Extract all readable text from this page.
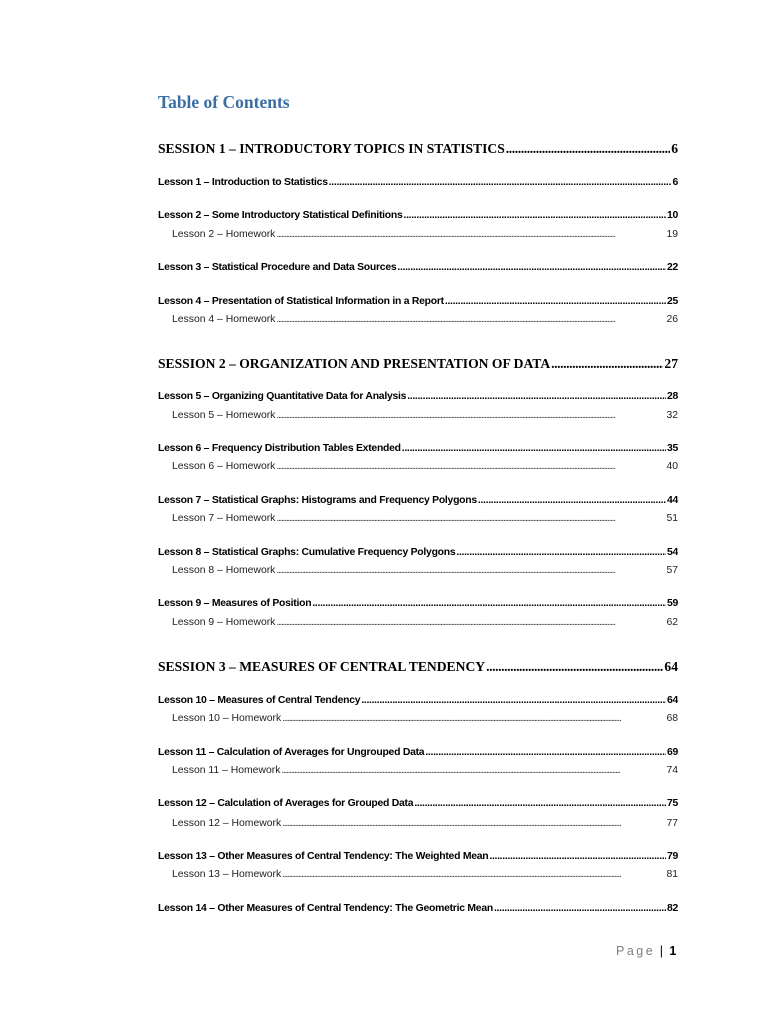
Table of Contents
SESSION 1 – INTRODUCTORY TOPICS IN STATISTICS . . .	6
Lesson 1 – Introduction to Statistics . . .	6
Lesson 2 – Some Introductory Statistical Definitions . . .	10
Lesson 2 – Homework . . .	19
Lesson 3 – Statistical Procedure and Data Sources . . .	22
Lesson 4 – Presentation of Statistical Information in a Report . . .	25
Lesson 4 – Homework . . .	26
SESSION 2 – ORGANIZATION AND PRESENTATION OF DATA . . .	27
Lesson 5 – Organizing Quantitative Data for Analysis . . .	28
Lesson 5 – Homework . . .	32
Lesson 6 – Frequency Distribution Tables Extended . . .	35
Lesson 6 – Homework . . .	40
Lesson 7 – Statistical Graphs: Histograms and Frequency Polygons . . .	44
Lesson 7 – Homework . . .	51
Lesson 8 – Statistical Graphs: Cumulative Frequency Polygons . . .	54
Lesson 8 – Homework . . .	57
Lesson 9 – Measures of Position . . .	59
Lesson 9 – Homework . . .	62
SESSION 3 – MEASURES OF CENTRAL TENDENCY . . .	64
Lesson 10 – Measures of Central Tendency . . .	64
Lesson 10 – Homework . . .	68
Lesson 11 – Calculation of Averages for Ungrouped Data . . .	69
Lesson 11 – Homework . . .	74
Lesson 12 – Calculation of Averages for Grouped Data . . .	75
Lesson 12 – Homework . . .	77
Lesson 13 – Other Measures of Central Tendency: The Weighted Mean . . .	79
Lesson 13 – Homework . . .	81
Lesson 14 – Other Measures of Central Tendency: The Geometric Mean . . .	82
Page | 1
